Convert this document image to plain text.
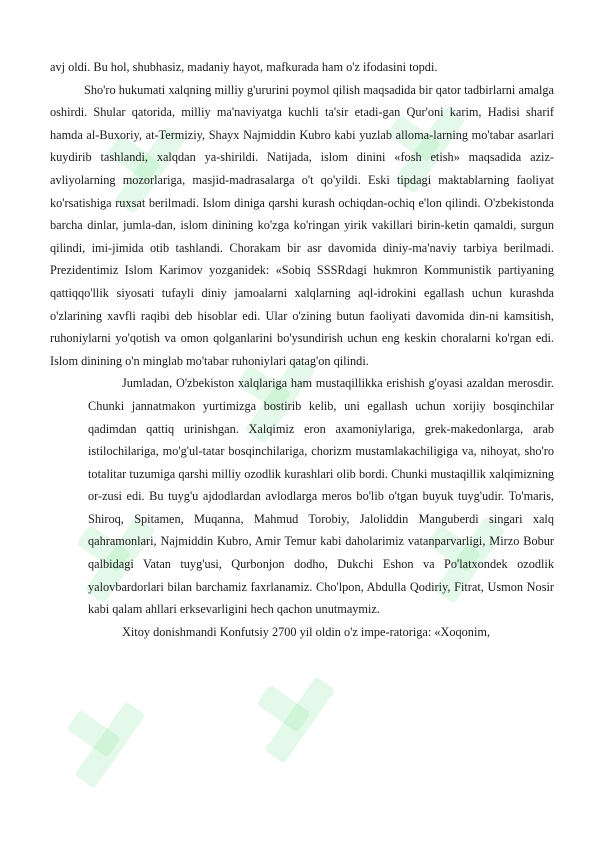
avj oldi. Bu hol, shubhasiz, madaniy hayot, mafkurada ham o'z ifodasini topdi.

Sho'ro hukumati xalqning milliy g'ururini poymol qilish maqsadida bir qator tadbirlarni amalga oshirdi. Shular qatorida, milliy ma'naviyatga kuchli ta'sir etadi-gan Qur'oni karim, Hadisi sharif hamda al-Buxoriy, at-Termiziy, Shayx Najmiddin Kubro kabi yuzlab alloma-larning mo'tabar asarlari kuydirib tashlandi, xalqdan ya-shirildi. Natijada, islom dinini «fosh etish» maqsadida aziz-avliyolarning mozorlariga, masjid-madrasalarga o't qo'yildi. Eski tipdagi maktablarning faoliyat ko'rsatishiga ruxsat berilmadi. Islom diniga qarshi kurash ochiqdan-ochiq e'lon qilindi. O'zbekistonda barcha dinlar, jumla-dan, islom dinining ko'zga ko'ringan yirik vakillari birin-ketin qamaldi, surgun qilindi, imi-jimida otib tashlandi. Chorakam bir asr davomida diniy-ma'naviy tarbiya berilmadi. Prezidentimiz Islom Karimov yozganidek: «Sobiq SSSRdagi hukmron Kommunistik partiyaning qattiqqo'llik siyosati tufayli diniy jamoalarni xalqlarning aql-idrokini egallash uchun kurashda o'zlarining xavfli raqibi deb hisoblar edi. Ular o'zining butun faoliyati davomida din-ni kamsitish, ruhoniylarni yo'qotish va omon qolganlarini bo'ysundirish uchun eng keskin choralarni ko'rgan edi. Islom dinining o'n minglab mo'tabar ruhoniylari qatag'on qilindi.

Jumladan, O'zbekiston xalqlariga ham mustaqillikka erishish g'oyasi azaldan merosdir. Chunki jannatmakon yurtimizga bostirib kelib, uni egallash uchun xorijiy bosqinchilar qadimdan qattiq urinishgan. Xalqimiz eron axamoniylariga, grek-makedonlarga, arab istilochilariga, mo'g'ul-tatar bosqinchilariga, chorizm mustamlakachiligiga va, nihoyat, sho'ro totalitar tuzumiga qarshi milliy ozodlik kurashlari olib bordi. Chunki mustaqillik xalqimizning or-zusi edi. Bu tuyg'u ajdodlardan avlodlarga meros bo'lib o'tgan buyuk tuyg'udir. To'maris, Shiroq, Spitamen, Muqanna, Mahmud Torobiy, Jaloliddin Manguberdi singari xalq qahramonlari, Najmiddin Kubro, Amir Temur kabi daholarimiz vatanparvarligi, Mirzo Bobur qalbidagi Vatan tuyg'usi, Qurbonjon dodho, Dukchi Eshon va Po'latxondek ozodlik yalovbardorlari bilan barchamiz faxrlanamiz. Cho'lpon, Abdulla Qodiriy, Fitrat, Usmon Nosir kabi qalam ahllari erksevarligini hech qachon unutmaymiz.

Xitoy donishmandi Konfutsiy 2700 yil oldin o'z impe-ratoriga: «Xoqonim,
